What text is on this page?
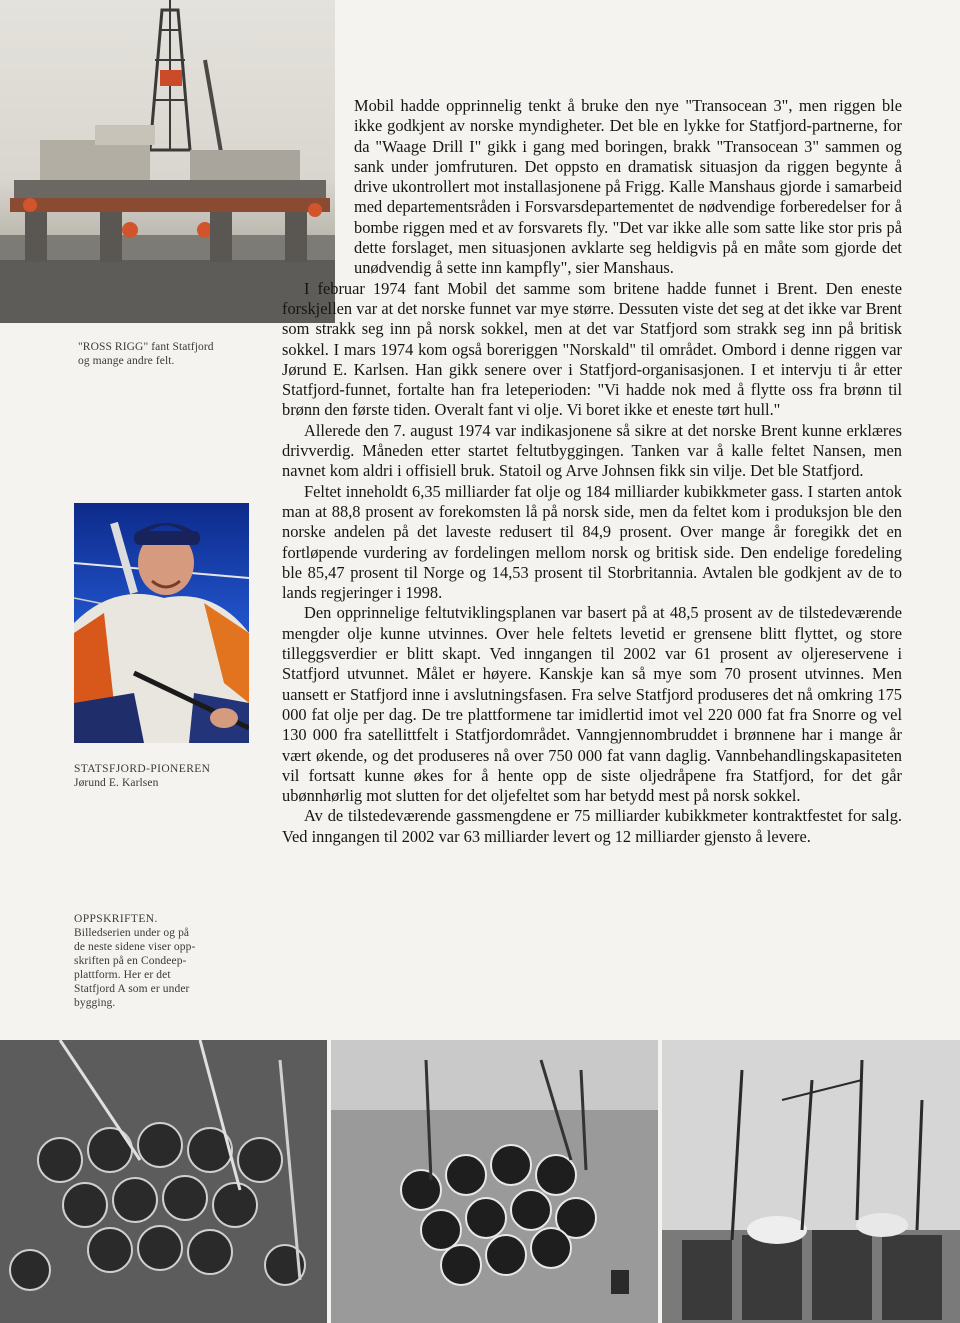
"ROSS RIGG" fant Statfjord
og mange andre felt.
STATSFJORD-PIONEREN
Jørund E. Karlsen
OPPSKRIFTEN.
Billedserien under og på
de neste sidene viser opp-
skriften på en Condeep-
plattform. Her er det
Statfjord A som er under
bygging.

Mobil hadde opprinnelig tenkt å bruke den nye "Transocean 3", men riggen ble ikke godkjent av norske myndigheter. Det ble en lykke for Statfjord-partnerne, for da "Waage Drill I" gikk i gang med boringen, brakk "Transocean 3" sammen og sank under jomfruturen. Det oppsto en dramatisk situasjon da riggen begynte å drive ukontrollert mot installasjonene på Frigg. Kalle Manshaus gjorde i samarbeid med departementsråden i Forsvarsdepartementet de nødvendige forberedelser for å bombe riggen med et av forsvarets fly. "Det var ikke alle som satte like stor pris på dette forslaget, men situasjonen avklarte seg heldigvis på en måte som gjorde det unødvendig å sette inn kampfly", sier Manshaus.

I februar 1974 fant Mobil det samme som britene hadde funnet i Brent. Den eneste forskjellen var at det norske funnet var mye større. Dessuten viste det seg at det ikke var Brent som strakk seg inn på norsk sokkel, men at det var Statfjord som strakk seg inn på britisk sokkel. I mars 1974 kom også boreriggen "Norskald" til området. Ombord i denne riggen var Jørund E. Karlsen. Han gikk senere over i Statfjord-organisasjonen. I et intervju ti år etter Statfjord-funnet, fortalte han fra leteperioden: "Vi hadde nok med å flytte oss fra brønn til brønn den første tiden. Overalt fant vi olje. Vi boret ikke et eneste tørt hull."

Allerede den 7. august 1974 var indikasjonene så sikre at det norske Brent kunne erklæres drivverdig. Måneden etter startet feltutbyggingen. Tanken var å kalle feltet Nansen, men navnet kom aldri i offisiell bruk. Statoil og Arve Johnsen fikk sin vilje. Det ble Statfjord.

Feltet inneholdt 6,35 milliarder fat olje og 184 milliarder kubikkmeter gass. I starten antok man at 88,8 prosent av forekomsten lå på norsk side, men da feltet kom i produksjon ble den norske andelen på det laveste redusert til 84,9 prosent. Over mange år foregikk det en fortløpende vurdering av fordelingen mellom norsk og britisk side. Den endelige foredeling ble 85,47 prosent til Norge og 14,53 prosent til Storbritannia. Avtalen ble godkjent av de to lands regjeringer i 1998.

Den opprinnelige feltutviklingsplanen var basert på at 48,5 prosent av de tilstedeværende mengder olje kunne utvinnes. Over hele feltets levetid er grensene blitt flyttet, og store tilleggsverdier er blitt skapt. Ved inngangen til 2002 var 61 prosent av oljereservene i Statfjord utvunnet. Målet er høyere. Kanskje kan så mye som 70 prosent utvinnes. Men uansett er Statfjord inne i avslutningsfasen. Fra selve Statfjord produseres det nå omkring 175 000 fat olje per dag. De tre plattformene tar imidlertid imot vel 220 000 fat fra Snorre og vel 130 000 fra satellittfelt i Statfjordområdet. Vanngjennombruddet i brønnene har i mange år vært økende, og det produseres nå over 750 000 fat vann daglig. Vannbehandlingskapasiteten vil fortsatt kunne økes for å hente opp de siste oljedråpene fra Statfjord, for det går ubønnhørlig mot slutten for det oljefeltet som har betydd mest på norsk sokkel.

Av de tilstedeværende gassmengdene er 75 milliarder kubikkmeter kontraktfestet for salg. Ved inngangen til 2002 var 63 milliarder levert og 12 milliarder gjensto å levere.
